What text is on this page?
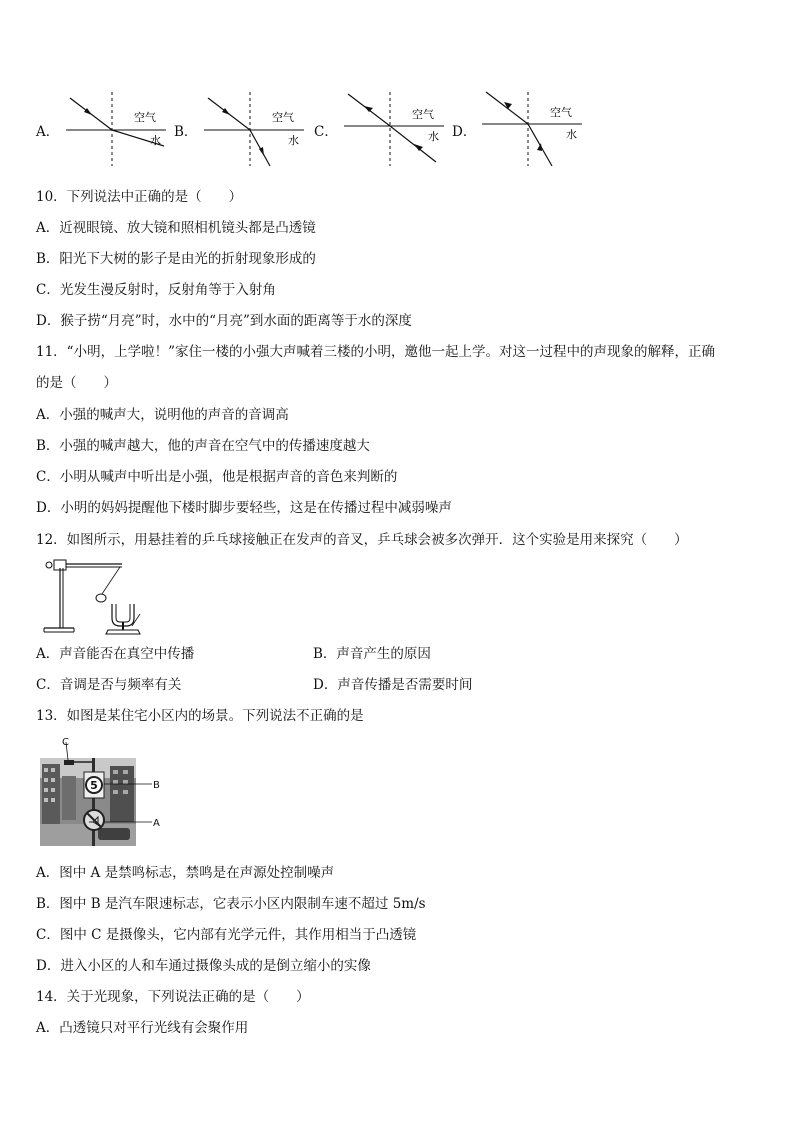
A．
空气
水
B．
空气
水
C．
空气
水 D．
空气
水
10．下列说法中正确的是（　　）
A．近视眼镜、放大镜和照相机镜头都是凸透镜
B．阳光下大树的影子是由光的折射现象形成的
C．光发生漫反射时，反射角等于入射角
D．猴子捞“月亮”时，水中的“月亮”到水面的距离等于水的深度
11．“小明，上学啦！”家住一楼的小强大声喊着三楼的小明，邀他一起上学。对这一过程中的声现象的解释，正确
的是（　　）
A．小强的喊声大，说明他的声音的音调高
B．小强的喊声越大，他的声音在空气中的传播速度越大
C．小明从喊声中听出是小强，他是根据声音的音色来判断的
D．小明的妈妈提醒他下楼时脚步要轻些，这是在传播过程中减弱噪声
12．如图所示，用悬挂着的乒乓球接触正在发声的音叉，乒乓球会被多次弹开．这个实验是用来探究（　　）
A．声音能否在真空中传播	B．声音产生的原因
C．音调是否与频率有关	D．声音传播是否需要时间
13．如图是某住宅小区内的场景。下列说法不正确的是
5
C
B
A
A．图中 A 是禁鸣标志，禁鸣是在声源处控制噪声
B．图中 B 是汽车限速标志，它表示小区内限制车速不超过 5m/s
C．图中 C 是摄像头，它内部有光学元件，其作用相当于凸透镜
D．进入小区的人和车通过摄像头成的是倒立缩小的实像
14．关于光现象，下列说法正确的是（　　）
A．凸透镜只对平行光线有会聚作用
